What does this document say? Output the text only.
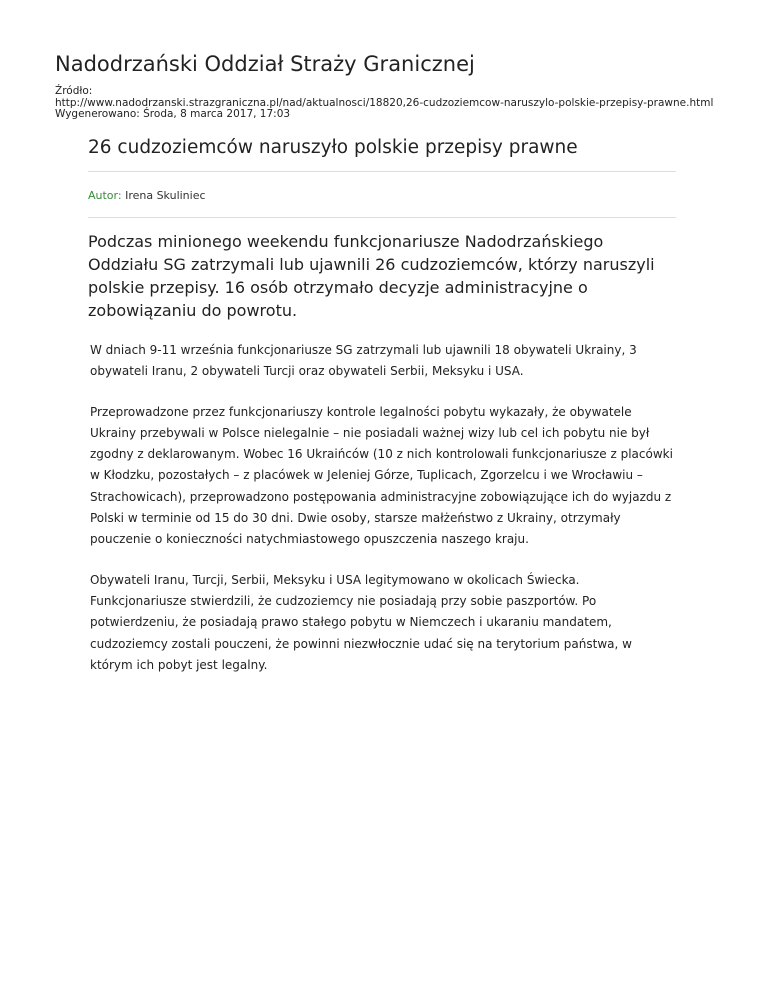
Nadodrzański Oddział Straży Granicznej
Źródło:
http://www.nadodrzanski.strazgraniczna.pl/nad/aktualnosci/18820,26-cudzoziemcow-naruszylo-polskie-przepisy-prawne.html
Wygenerowano: Środa, 8 marca 2017, 17:03
26 cudzoziemców naruszyło polskie przepisy prawne
Autor: Irena Skuliniec

Podczas minionego weekendu funkcjonariusze Nadodrzańskiego Oddziału SG zatrzymali lub ujawnili 26 cudzoziemców, którzy naruszyli polskie przepisy. 16 osób otrzymało decyzje administracyjne o zobowiązaniu do powrotu.

W dniach 9-11 września funkcjonariusze SG zatrzymali lub ujawnili 18 obywateli Ukrainy, 3 obywateli Iranu, 2 obywateli Turcji oraz obywateli Serbii, Meksyku i USA.

Przeprowadzone przez funkcjonariuszy kontrole legalności pobytu wykazały, że obywatele Ukrainy przebywali w Polsce nielegalnie – nie posiadali ważnej wizy lub cel ich pobytu nie był zgodny z deklarowanym. Wobec 16 Ukraińców (10 z nich kontrolowali funkcjonariusze z placówki w Kłodzku, pozostałych – z placówek w Jeleniej Górze, Tuplicach, Zgorzelcu i we Wrocławiu – Strachowicach), przeprowadzono postępowania administracyjne zobowiązujące ich do wyjazdu z Polski w terminie od 15 do 30 dni. Dwie osoby, starsze małżeństwo z Ukrainy, otrzymały pouczenie o konieczności natychmiastowego opuszczenia naszego kraju.

Obywateli Iranu, Turcji, Serbii, Meksyku i USA legitymowano w okolicach Świecka. Funkcjonariusze stwierdzili, że cudzoziemcy nie posiadają przy sobie paszportów. Po potwierdzeniu, że posiadają prawo stałego pobytu w Niemczech i ukaraniu mandatem, cudzoziemcy zostali pouczeni, że powinni niezwłocznie udać się na terytorium państwa, w którym ich pobyt jest legalny.
